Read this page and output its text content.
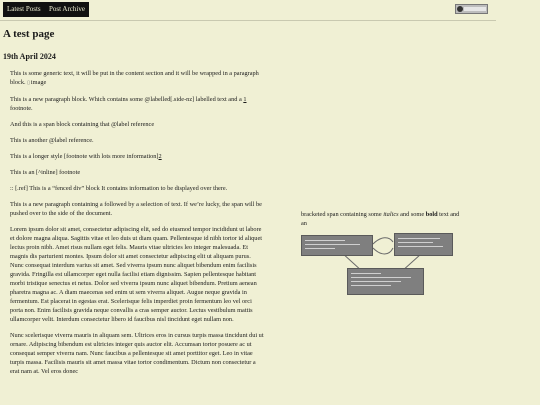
Latest Posts	Post Archive
A test page

19th April 2024

This is some generic text, it will be put in the content section and it will be wrapped in a paragraph block. ▯ image

This is a new paragraph block. Which contains some @labelled[.side-nz] labelled text and a 1 footnote.

And this is a span block containing that @label reference

This is another @label reference.

This is a longer style [footnote with lots more information]2

This is an [^inline] footnote

:: [.ref] This is a “fenced div” block It contains information to be displayed over there.

This is a new paragraph containing a followed by a selection of text. If we’re lucky, the span will be pushed over to the side of the document.

Lorem ipsum dolor sit amet, consectetur adipiscing elit, sed do eiusmod tempor incididunt ut labore et dolore magna aliqua. Sagittis vitae et leo duis ut diam quam. Pellentesque id nibh tortor id aliquet lectus proin nibh. Amet risus nullam eget felis. Mauris vitae ultricies leo integer malesuada. Et magnis dis parturient montes. Ipsum dolor sit amet consectetur adipiscing elit ut aliquam purus. Nunc consequat interdum varius sit amet. Sed viverra ipsum nunc aliquet bibendum enim facilisis gravida. Fringilla est ullamcorper eget nulla facilisi etiam dignissim. Sapien pellentesque habitant morbi tristique senectus et netus. Dolor sed viverra ipsum nunc aliquet bibendum. Pretium aenean pharetra magna ac. A diam maecenas sed enim ut sem viverra aliquet. Augue neque gravida in fermentum. Est placerat in egestas erat. Scelerisque felis imperdiet proin fermentum leo vel orci porta non. Enim facilisis gravida neque convallis a cras semper auctor. Lectus vestibulum mattis ullamcorper velit. Interdum consectetur libero id faucibus nisl tincidunt eget nullam non.

Nunc scelerisque viverra mauris in aliquam sem. Ultrices eros in cursus turpis massa tincidunt dui ut ornare. Adipiscing bibendum est ultricies integer quis auctor elit. Accumsan tortor posuere ac ut consequat semper viverra nam. Nunc faucibus a pellentesque sit amet porttitor eget. Leo in vitae turpis massa. Facilisis mauris sit amet massa vitae tortor condimentum. Dictum non consectetur a erat nam at. Vel eros donec

bracketed span containing some italics and some bold text and an
